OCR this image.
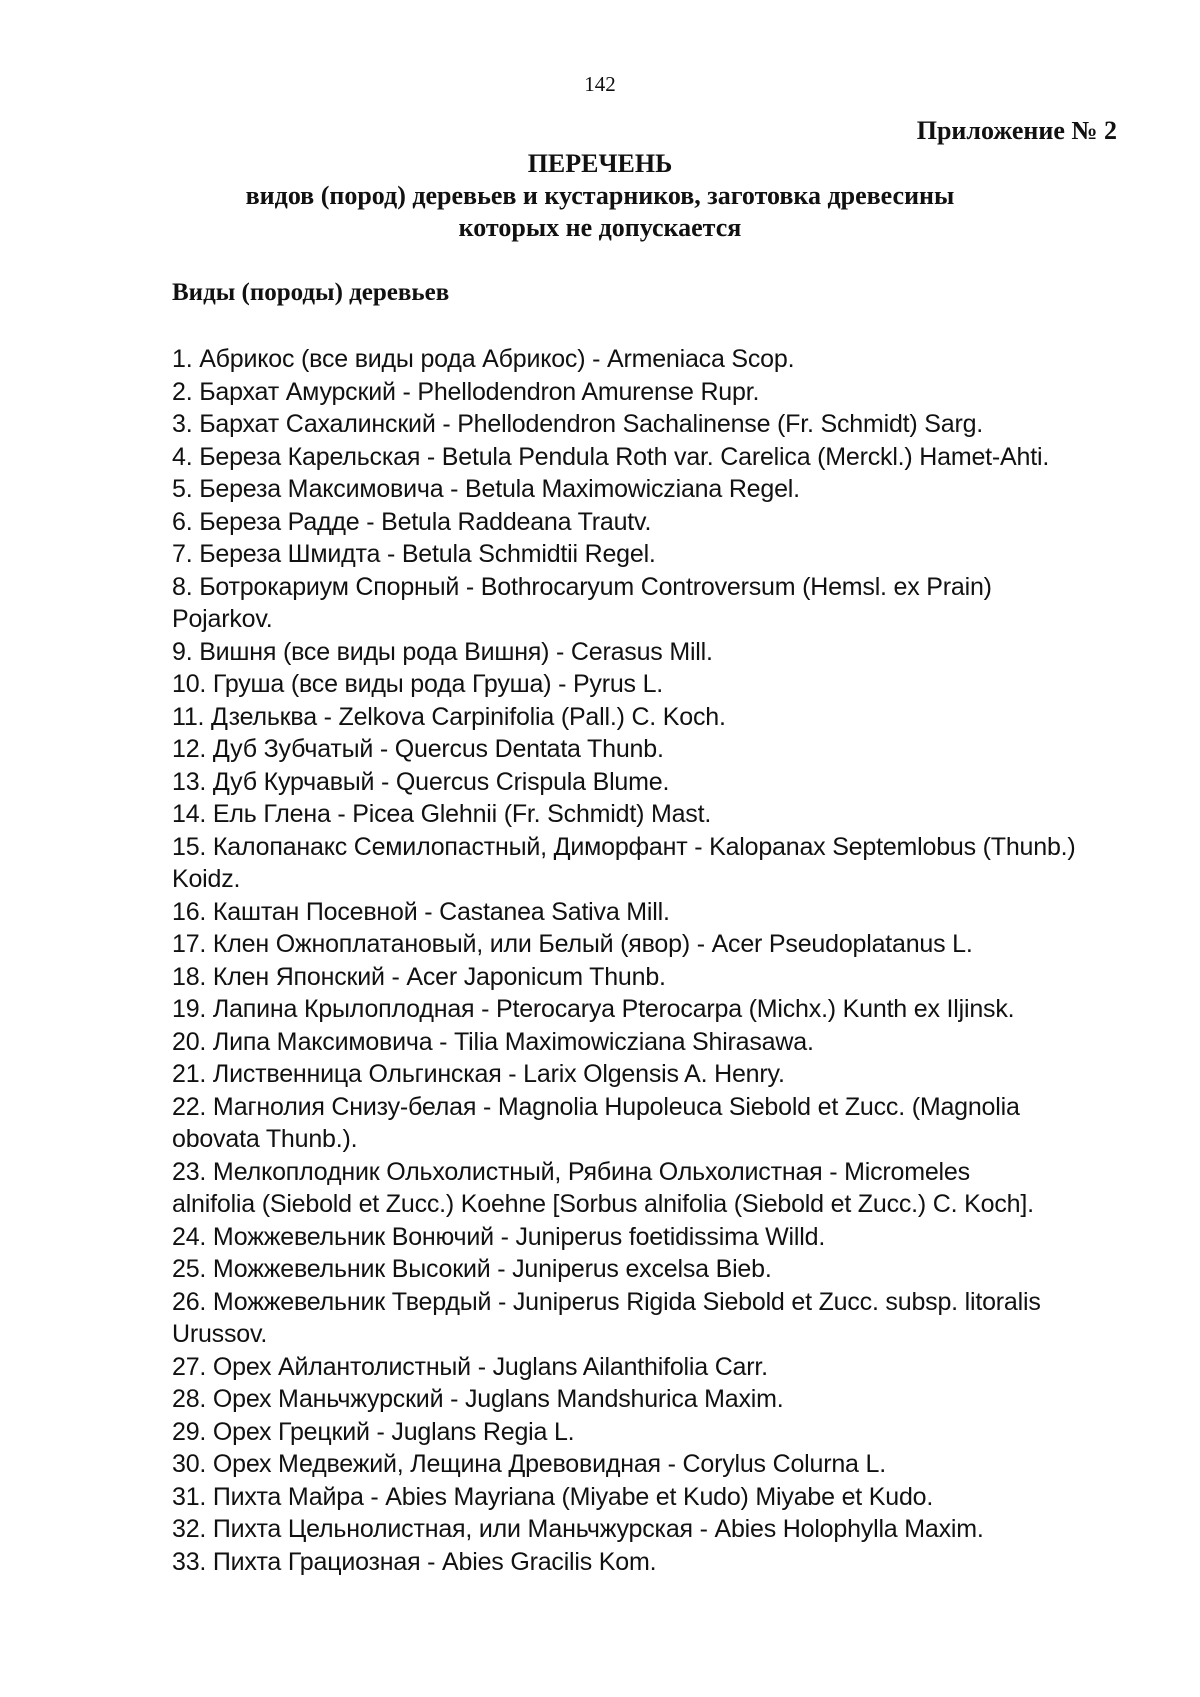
142
Приложение № 2
ПЕРЕЧЕНЬ
видов (пород) деревьев и кустарников, заготовка древесины
которых не допускается
Виды (породы) деревьев
1. Абрикос (все виды рода Абрикос) - Armeniaca Scop.
2. Бархат Амурский - Phellodendron Amurense Rupr.
3. Бархат Сахалинский - Phellodendron Sachalinense (Fr. Schmidt) Sarg.
4. Береза Карельская - Betula Pendula Roth var. Carelica (Merckl.) Hamet-Ahti.
5. Береза Максимовича - Betula Maximowicziana Regel.
6. Береза Радде - Betula Raddeana Trautv.
7. Береза Шмидта - Betula Schmidtii Regel.
8. Ботрокариум Спорный - Bothrocaryum Controversum (Hemsl. ex Prain)
Pojarkov.
9. Вишня (все виды рода Вишня) - Cerasus Mill.
10. Груша (все виды рода Груша) - Pyrus L.
11. Дзельква - Zelkova Carpinifolia (Pall.) C. Koch.
12. Дуб Зубчатый - Quercus Dentata Thunb.
13. Дуб Курчавый - Quercus Crispula Blume.
14. Ель Глена - Picea Glehnii (Fr. Schmidt) Mast.
15. Калопанакс Семилопастный, Диморфант - Kalopanax Septemlobus (Thunb.)
Koidz.
16. Каштан Посевной - Castanea Sativa Mill.
17. Клен Ожноплатановый, или Белый (явор) - Acer Pseudoplatanus L.
18. Клен Японский - Acer Japonicum Thunb.
19. Лапина Крылоплодная - Pterocarya Pterocarpa (Michx.) Kunth ex Iljinsk.
20. Липа Максимовича - Tilia Maximowicziana Shirasawa.
21. Лиственница Ольгинская - Larix Olgensis A. Henry.
22. Магнолия Снизу-белая - Magnolia Hupoleuca Siebold et Zucc. (Magnolia
obovata Thunb.).
23. Мелкоплодник Ольхолистный, Рябина Ольхолистная - Micromeles
alnifolia (Siebold et Zucc.) Koehne [Sorbus alnifolia (Siebold et Zucc.) C. Koch].
24. Можжевельник Вонючий - Juniperus foetidissima Willd.
25. Можжевельник Высокий - Juniperus excelsa Bieb.
26. Можжевельник Твердый - Juniperus Rigida Siebold et Zucc. subsp. litoralis
Urussov.
27. Орех Айлантолистный - Juglans Ailanthifolia Carr.
28. Орех Маньчжурский - Juglans Mandshurica Maxim.
29. Орех Грецкий - Juglans Regia L.
30. Орех Медвежий, Лещина Древовидная - Corylus Colurna L.
31. Пихта Майра - Abies Mayriana (Miyabe et Kudo) Miyabe et Kudo.
32. Пихта Цельнолистная, или Маньчжурская - Abies Holophylla Maxim.
33. Пихта Грациозная - Abies Gracilis Kom.
